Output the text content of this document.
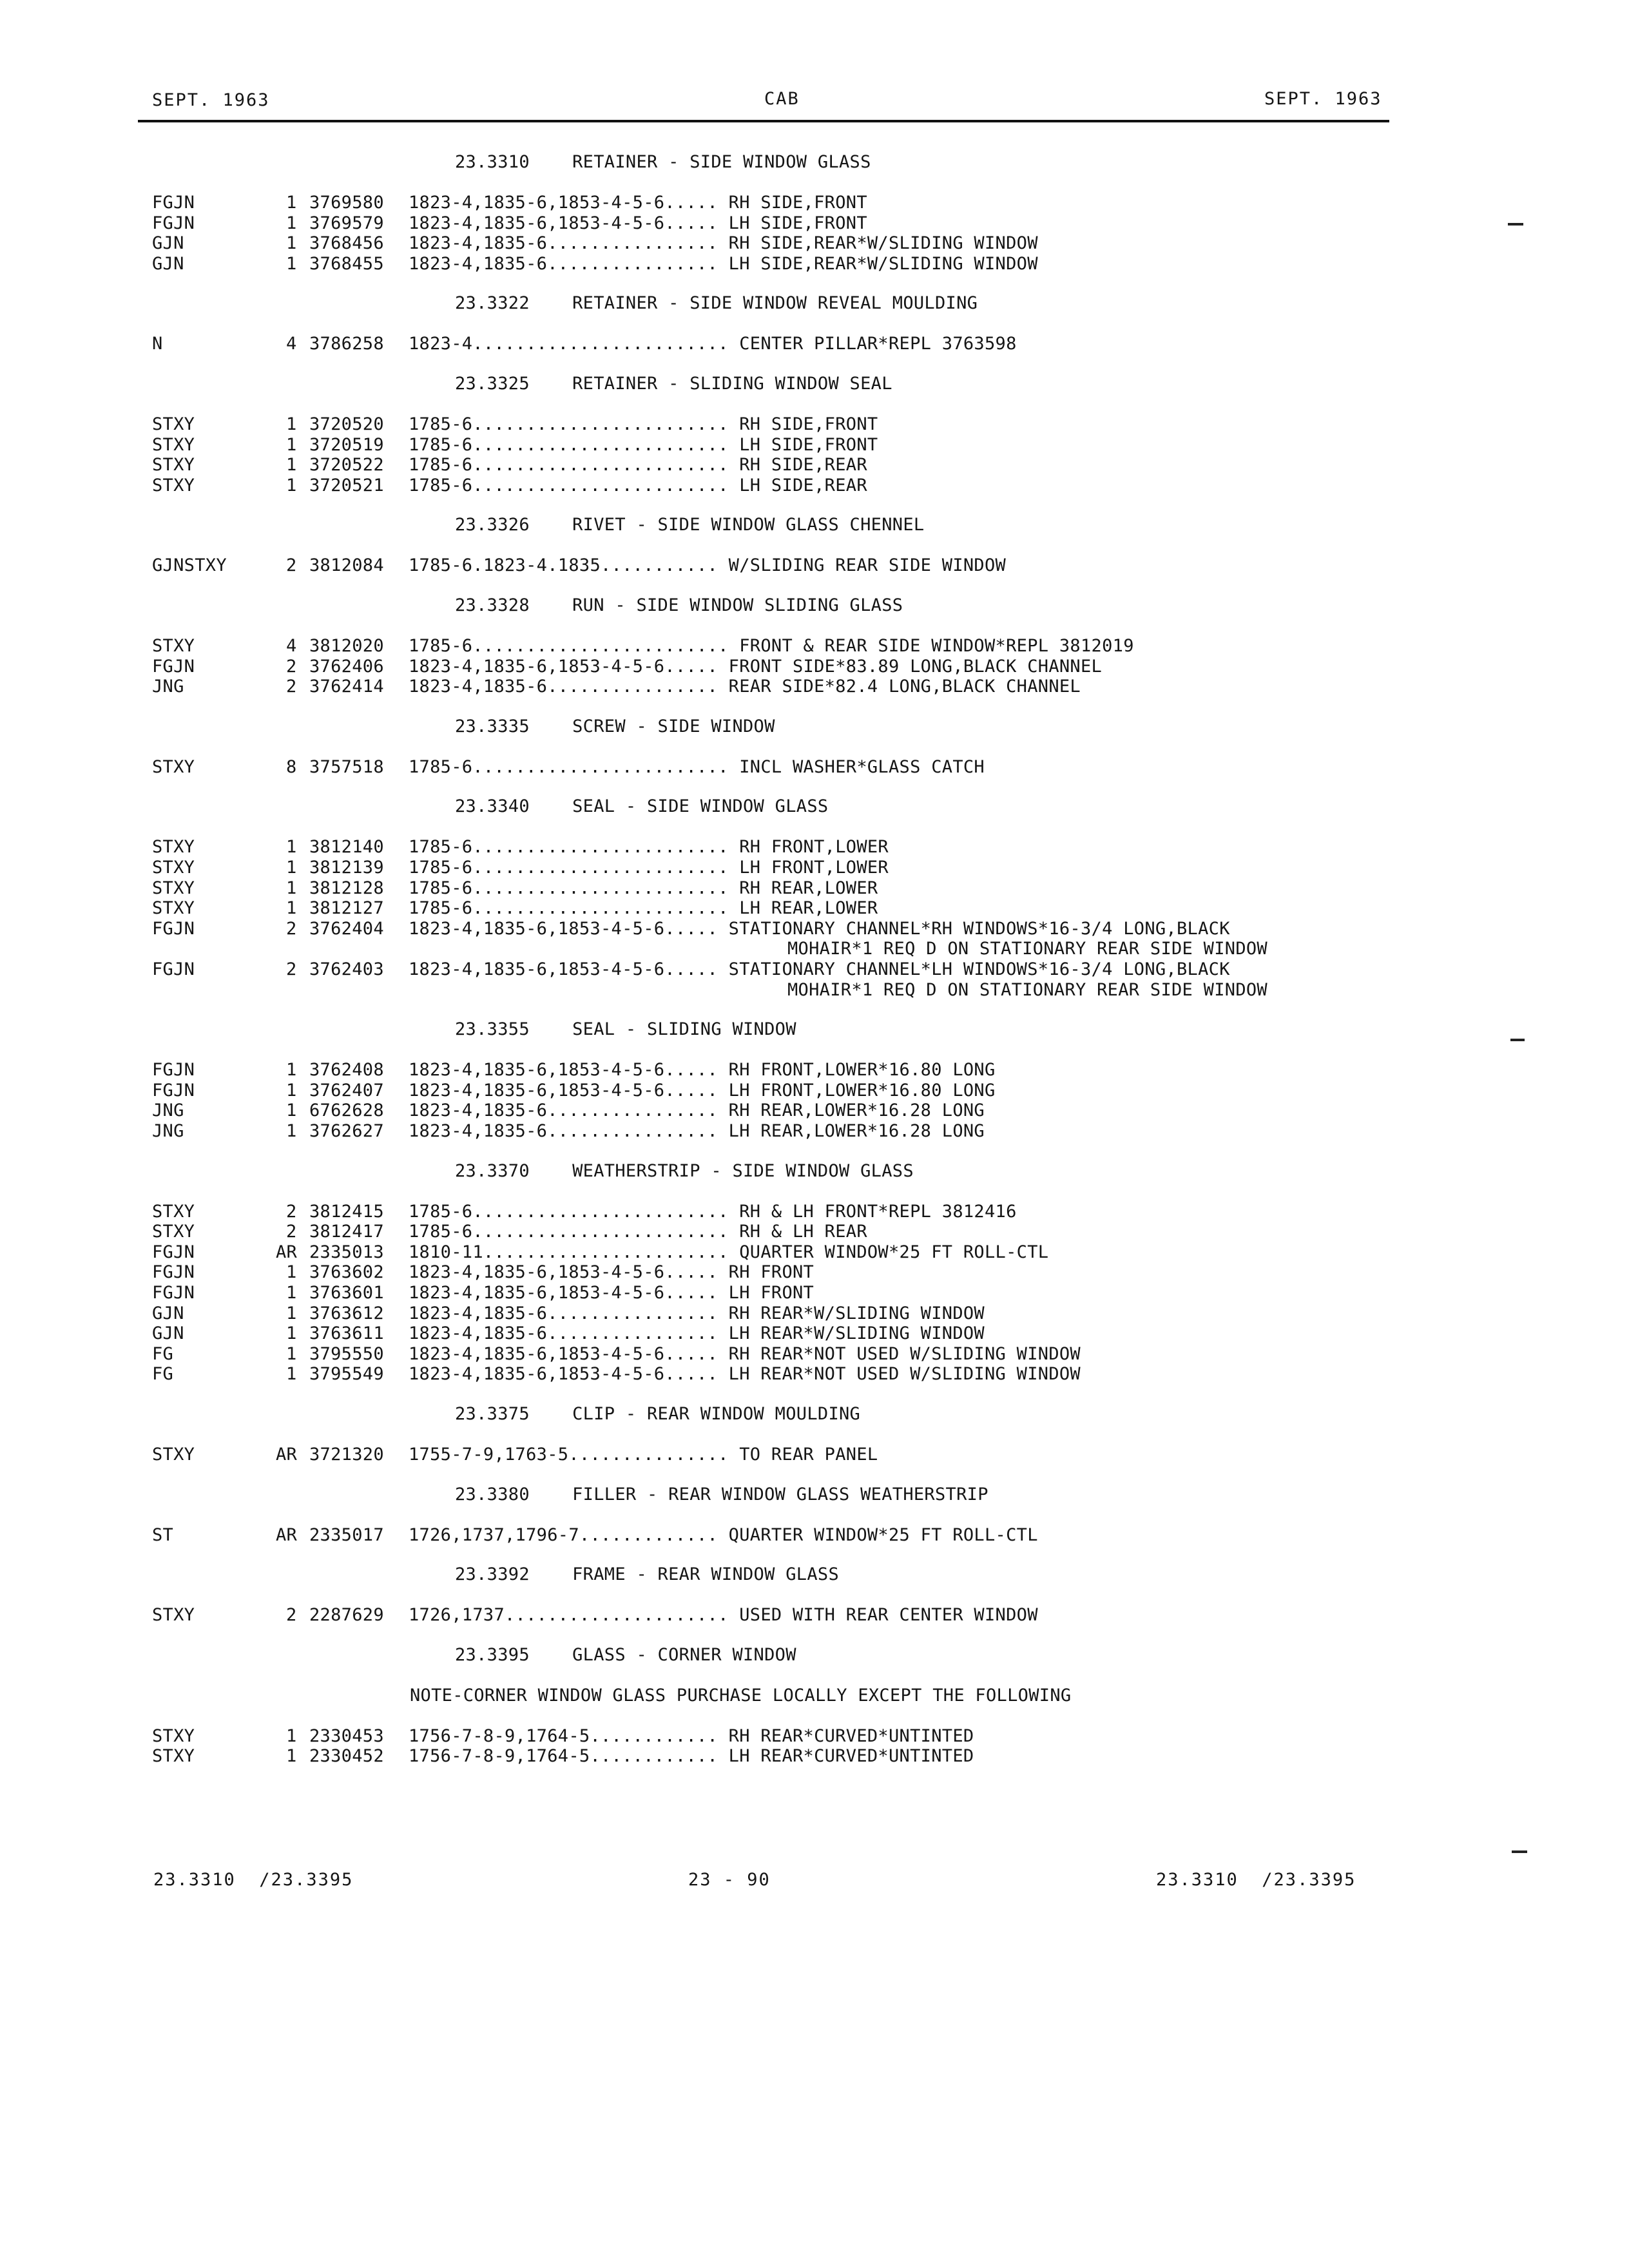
SEPT. 1963	CAB	SEPT. 1963
23.3310    RETAINER - SIDE WINDOW GLASS
FGJN	1 3769580 1823-4,1835-6,1853-4-5-6..... RH SIDE,FRONT
FGJN	1 3769579 1823-4,1835-6,1853-4-5-6..... LH SIDE,FRONT
GJN	1 3768456 1823-4,1835-6................ RH SIDE,REAR*W/SLIDING WINDOW
GJN	1 3768455 1823-4,1835-6................ LH SIDE,REAR*W/SLIDING WINDOW
23.3322    RETAINER - SIDE WINDOW REVEAL MOULDING
N	4 3786258 1823-4........................ CENTER PILLAR*REPL 3763598
23.3325    RETAINER - SLIDING WINDOW SEAL
STXY	1 3720520 1785-6........................ RH SIDE,FRONT
STXY	1 3720519 1785-6........................ LH SIDE,FRONT
STXY	1 3720522 1785-6........................ RH SIDE,REAR
STXY	1 3720521 1785-6........................ LH SIDE,REAR
23.3326    RIVET - SIDE WINDOW GLASS CHENNEL
GJNSTXY	2 3812084 1785-6.1823-4.1835........... W/SLIDING REAR SIDE WINDOW
23.3328    RUN - SIDE WINDOW SLIDING GLASS
STXY	4 3812020 1785-6........................ FRONT & REAR SIDE WINDOW*REPL 3812019
FGJN	2 3762406 1823-4,1835-6,1853-4-5-6..... FRONT SIDE*83.89 LONG,BLACK CHANNEL
JNG	2 3762414 1823-4,1835-6................ REAR SIDE*82.4 LONG,BLACK CHANNEL
23.3335    SCREW - SIDE WINDOW
STXY	8 3757518 1785-6........................ INCL WASHER*GLASS CATCH
23.3340    SEAL - SIDE WINDOW GLASS
STXY	1 3812140 1785-6........................ RH FRONT,LOWER
STXY	1 3812139 1785-6........................ LH FRONT,LOWER
STXY	1 3812128 1785-6........................ RH REAR,LOWER
STXY	1 3812127 1785-6........................ LH REAR,LOWER
FGJN	2 3762404 1823-4,1835-6,1853-4-5-6..... STATIONARY CHANNEL*RH WINDOWS*16-3/4 LONG,BLACK
MOHAIR*1 REQ D ON STATIONARY REAR SIDE WINDOW
FGJN	2 3762403 1823-4,1835-6,1853-4-5-6..... STATIONARY CHANNEL*LH WINDOWS*16-3/4 LONG,BLACK
MOHAIR*1 REQ D ON STATIONARY REAR SIDE WINDOW
23.3355    SEAL - SLIDING WINDOW
FGJN	1 3762408 1823-4,1835-6,1853-4-5-6..... RH FRONT,LOWER*16.80 LONG
FGJN	1 3762407 1823-4,1835-6,1853-4-5-6..... LH FRONT,LOWER*16.80 LONG
JNG	1 6762628 1823-4,1835-6................ RH REAR,LOWER*16.28 LONG
JNG	1 3762627 1823-4,1835-6................ LH REAR,LOWER*16.28 LONG
23.3370    WEATHERSTRIP - SIDE WINDOW GLASS
STXY	2 3812415 1785-6........................ RH & LH FRONT*REPL 3812416
STXY	2 3812417 1785-6........................ RH & LH REAR
FGJN	AR 2335013 1810-11....................... QUARTER WINDOW*25 FT ROLL-CTL
FGJN	1 3763602 1823-4,1835-6,1853-4-5-6..... RH FRONT
FGJN	1 3763601 1823-4,1835-6,1853-4-5-6..... LH FRONT
GJN	1 3763612 1823-4,1835-6................ RH REAR*W/SLIDING WINDOW
GJN	1 3763611 1823-4,1835-6................ LH REAR*W/SLIDING WINDOW
FG	1 3795550 1823-4,1835-6,1853-4-5-6..... RH REAR*NOT USED W/SLIDING WINDOW
FG	1 3795549 1823-4,1835-6,1853-4-5-6..... LH REAR*NOT USED W/SLIDING WINDOW
23.3375    CLIP - REAR WINDOW MOULDING
STXY	AR 3721320 1755-7-9,1763-5............... TO REAR PANEL
23.3380    FILLER - REAR WINDOW GLASS WEATHERSTRIP
ST	AR 2335017 1726,1737,1796-7............. QUARTER WINDOW*25 FT ROLL-CTL
23.3392    FRAME - REAR WINDOW GLASS
STXY	2 2287629 1726,1737..................... USED WITH REAR CENTER WINDOW
23.3395    GLASS - CORNER WINDOW
NOTE-CORNER WINDOW GLASS PURCHASE LOCALLY EXCEPT THE FOLLOWING
STXY	1 2330453 1756-7-8-9,1764-5............ RH REAR*CURVED*UNTINTED
STXY	1 2330452 1756-7-8-9,1764-5............ LH REAR*CURVED*UNTINTED
23.3310  /23.3395	23 - 90	23.3310  /23.3395
